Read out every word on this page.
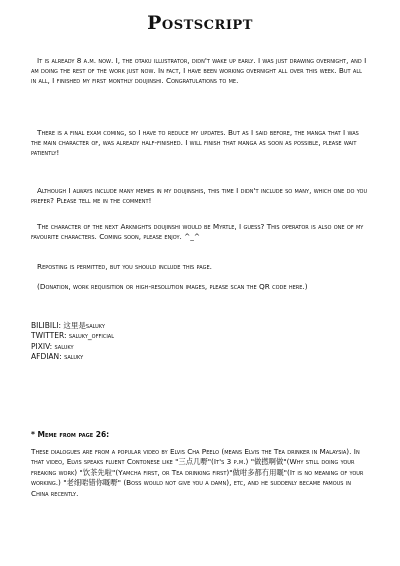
Postscript

It is already 8 a.m. now. I, the otaku illustrator, didn't wake up early. I was just drawing overnight, and I am doing the rest of the work just now. In fact, I have been working overnight all over this week. But all in all, I finished my first monthly doujinshi. Congratulations to me.

There is a final exam coming, so I have to reduce my updates. But as I said before, the manga that I was the main character of, was already half-finished. I will finish that manga as soon as possible, please wait patiently!

Although I always include many memes in my doujinshis, this time I didn't include so many, which one do you prefer? Please tell me in the comment!

The character of the next Arknights doujinshi would be Myrtle, I guess? This operator is also one of my favourite characters. Coming soon, please enjoy. ^_^

Reposting is permitted, but you should include this page.

(Donation, work requisition or high-resolution images, please scan the QR code here.)

BILIBILI: 这里是saluky
TWITTER: saluky_official
PIXIV: saluky
AFDIAN: saluky
* Meme from page 26:

These dialogues are from a popular video by Elvis Cha Peelo (means Elvis the Tea drinker in Malaysia). In that video, Elvis speaks fluent Contonese like "三点几嘢"(It's 3 p.m.) "做撚啊做"(Why still doing your freaking work) "饮茶先啦"(Yamcha first, or Tea drinking first)"做咁多都冇用嘅"(It is no meaning of your working.) "老细啱错你嘅嘢" (Boss would not give you a damn), etc, and he suddenly became famous in China recently.
